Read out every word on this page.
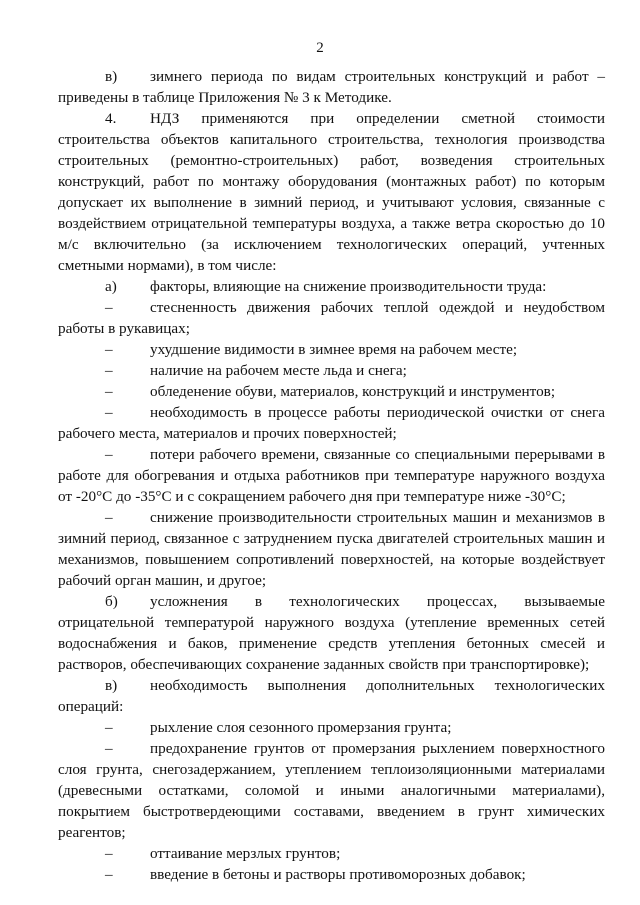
2

в) зимнего периода по видам строительных конструкций и работ – приведены в таблице Приложения № 3 к Методике.

4. НДЗ применяются при определении сметной стоимости строительства объектов капитального строительства, технология производства строительных (ремонтно-строительных) работ, возведения строительных конструкций, работ по монтажу оборудования (монтажных работ) по которым допускает их выполнение в зимний период, и учитывают условия, связанные с воздействием отрицательной температуры воздуха, а также ветра скоростью до 10 м/с включительно (за исключением технологических операций, учтенных сметными нормами), в том числе:

а) факторы, влияющие на снижение производительности труда:

– стесненность движения рабочих теплой одеждой и неудобством работы в рукавицах;

– ухудшение видимости в зимнее время на рабочем месте;

– наличие на рабочем месте льда и снега;

– обледенение обуви, материалов, конструкций и инструментов;

– необходимость в процессе работы периодической очистки от снега рабочего места, материалов и прочих поверхностей;

– потери рабочего времени, связанные со специальными перерывами в работе для обогревания и отдыха работников при температуре наружного воздуха от -20°С до -35°С и с сокращением рабочего дня при температуре ниже -30°С;

– снижение производительности строительных машин и механизмов в зимний период, связанное с затруднением пуска двигателей строительных машин и механизмов, повышением сопротивлений поверхностей, на которые воздействует рабочий орган машин, и другое;

б) усложнения в технологических процессах, вызываемые отрицательной температурой наружного воздуха (утепление временных сетей водоснабжения и баков, применение средств утепления бетонных смесей и растворов, обеспечивающих сохранение заданных свойств при транспортировке);

в) необходимость выполнения дополнительных технологических операций:

– рыхление слоя сезонного промерзания грунта;

– предохранение грунтов от промерзания рыхлением поверхностного слоя грунта, снегозадержанием, утеплением теплоизоляционными материалами (древесными остатками, соломой и иными аналогичными материалами), покрытием быстротвердеющими составами, введением в грунт химических реагентов;

– оттаивание мерзлых грунтов;

– введение в бетоны и растворы противоморозных добавок;
